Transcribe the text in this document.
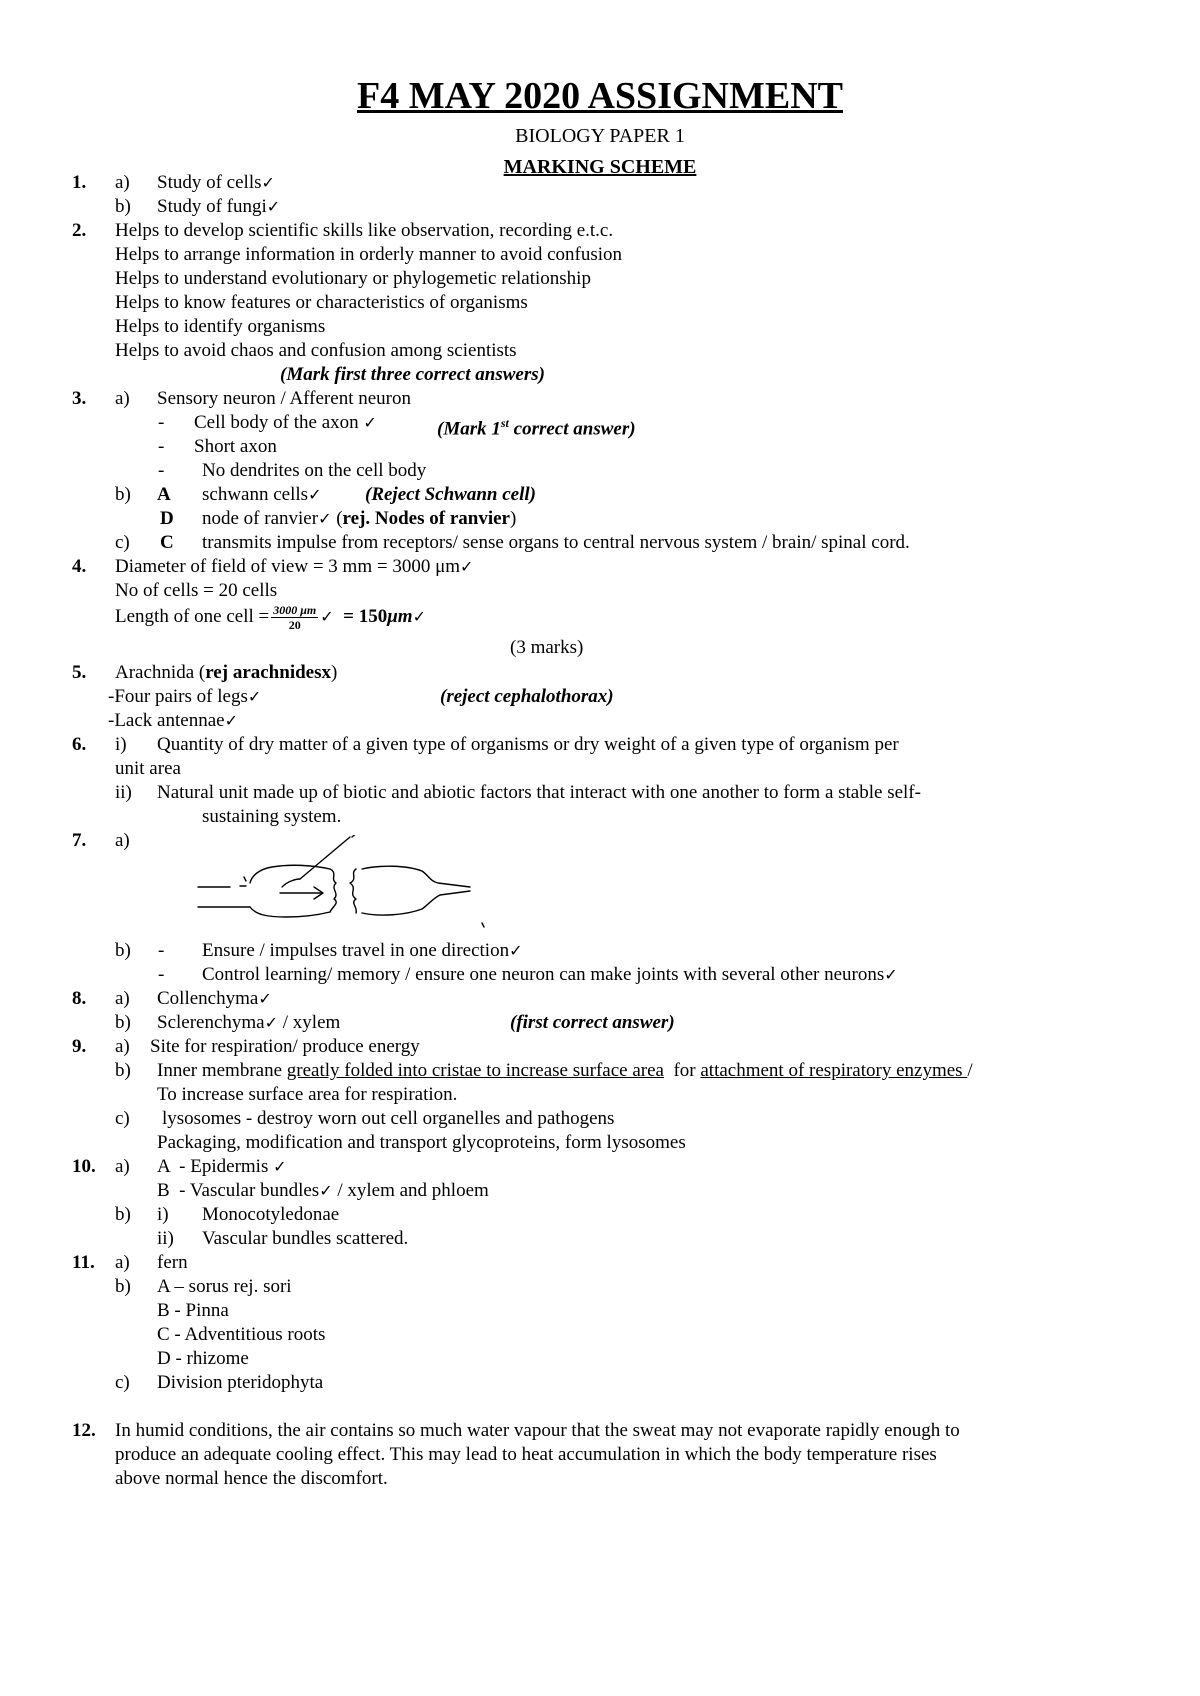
F4 MAY 2020 ASSIGNMENT
BIOLOGY PAPER 1
MARKING SCHEME
1. a) Study of cells✓
b) Study of fungi✓
2. Helps to develop scientific skills like observation, recording e.t.c.
Helps to arrange information in orderly manner to avoid confusion
Helps to understand evolutionary or phylogemetic relationship
Helps to know features or characteristics of organisms
Helps to identify organisms
Helps to avoid chaos and confusion among scientists
(Mark first three correct answers)
3. a) Sensory neuron / Afferent neuron
- Cell body of the axon ✓	(Mark 1st correct answer)
- Short axon
- No dendrites on the cell body
b) A schwann cells✓ (Reject Schwann cell)
D node of ranvier✓ (rej. Nodes of ranvier)
c) C transmits impulse from receptors/ sense organs to central nervous system / brain/ spinal cord.
4. Diameter of field of view = 3 mm = 3000 μm✓
No of cells = 20 cells
Length of one cell = $\frac{3000 \mu m}{20}$ ✓ = 150μm✓
(3 marks)
5. Arachnida (rej arachnidesx)
-Four pairs of legs✓	(reject cephalothorax)
-Lack antennae✓
6. i) Quantity of dry matter of a given type of organisms or dry weight of a given type of organism per
unit area
ii) Natural unit made up of biotic and abiotic factors that interact with one another to form a stable self-
sustaining system.
7. a)
b) - Ensure / impulses travel in one direction✓
- Control learning/ memory / ensure one neuron can make joints with several other neurons✓
8. a) Collenchyma✓
b) Sclerenchyma✓ / xylem	(first correct answer)
9. a) Site for respiration/ produce energy
b) Inner membrane greatly folded into cristae to increase surface area  for attachment of respiratory enzymes /
To increase surface area for respiration.
c) lysosomes - destroy worn out cell organelles and pathogens
Packaging, modification and transport glycoproteins, form lysosomes
10. a) A  - Epidermis ✓
B  - Vascular bundles✓ / xylem and phloem
b) i) Monocotyledonae
ii) Vascular bundles scattered.
11. a) fern
b) A – sorus rej. sori
B - Pinna
C - Adventitious roots
D - rhizome
c) Division pteridophyta
12. In humid conditions, the air contains so much water vapour that the sweat may not evaporate rapidly enough to
produce an adequate cooling effect. This may lead to heat accumulation in which the body temperature rises
above normal hence the discomfort.
